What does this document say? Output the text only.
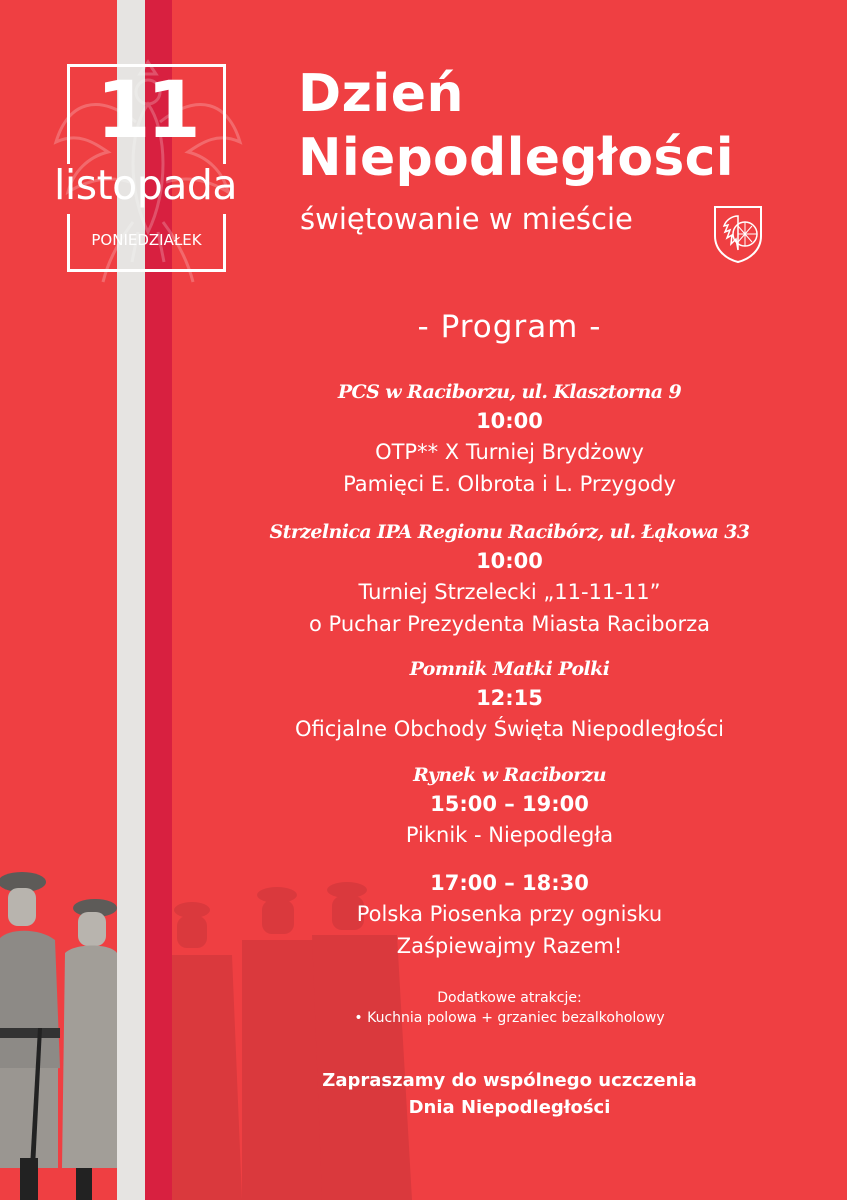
11
listopada
PONIEDZIAŁEK
Dzień
Niepodległości
świętowanie w mieście
- Program -
PCS w Raciborzu, ul. Klasztorna 9
10:00
OTP** X Turniej Brydżowy
Pamięci E. Olbrota i L. Przygody
Strzelnica IPA Regionu Racibórz, ul. Łąkowa 33
10:00
Turniej Strzelecki „11-11-11”
o Puchar Prezydenta Miasta Raciborza
Pomnik Matki Polki
12:15
Oficjalne Obchody Święta Niepodległości
Rynek w Raciborzu
15:00 – 19:00
Piknik - Niepodległa
17:00 – 18:30
Polska Piosenka przy ognisku
Zaśpiewajmy Razem!
Dodatkowe atrakcje:
• Kuchnia polowa + grzaniec bezalkoholowy
Zapraszamy do wspólnego uczczenia
Dnia Niepodległości
